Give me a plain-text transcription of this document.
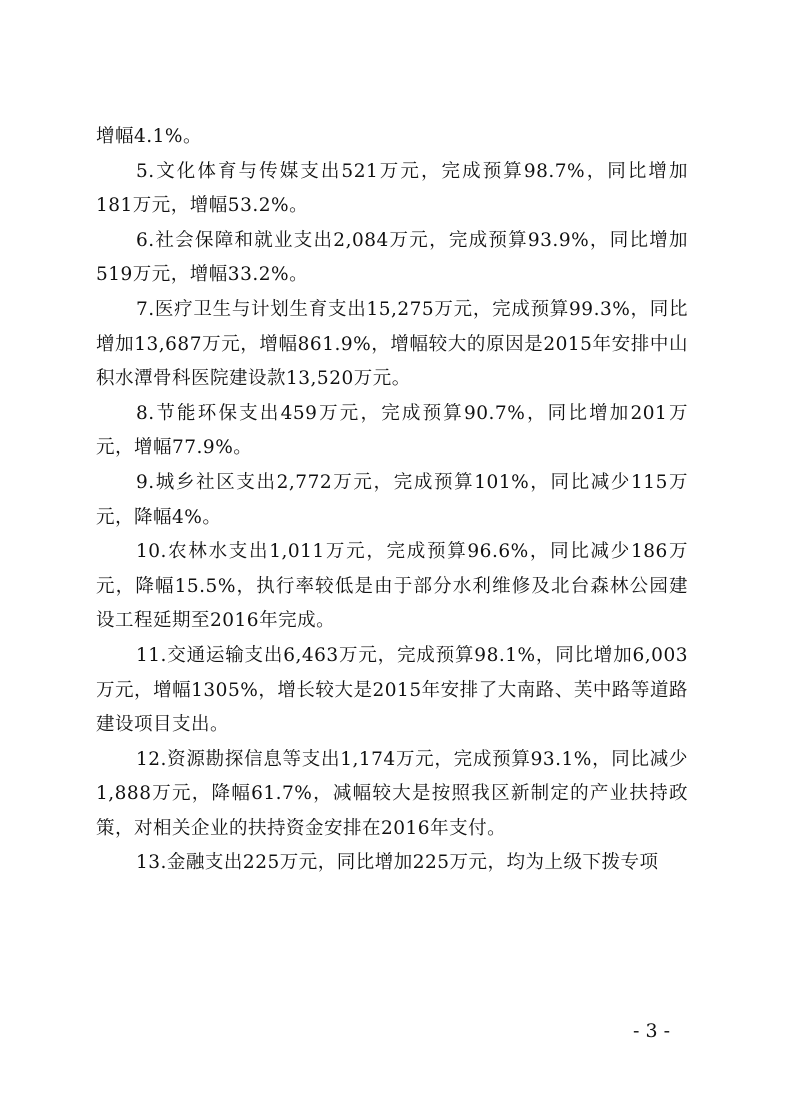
增幅4.1%。

5.文化体育与传媒支出521万元，完成预算98.7%，同比增加181万元，增幅53.2%。

6.社会保障和就业支出2,084万元，完成预算93.9%，同比增加519万元，增幅33.2%。

7.医疗卫生与计划生育支出15,275万元，完成预算99.3%，同比增加13,687万元，增幅861.9%，增幅较大的原因是2015年安排中山积水潭骨科医院建设款13,520万元。

8.节能环保支出459万元，完成预算90.7%，同比增加201万元，增幅77.9%。

9.城乡社区支出2,772万元，完成预算101%，同比减少115万元，降幅4%。

10.农林水支出1,011万元，完成预算96.6%，同比减少186万元，降幅15.5%，执行率较低是由于部分水利维修及北台森林公园建设工程延期至2016年完成。

11.交通运输支出6,463万元，完成预算98.1%，同比增加6,003万元，增幅1305%，增长较大是2015年安排了大南路、芙中路等道路建设项目支出。

12.资源勘探信息等支出1,174万元，完成预算93.1%，同比减少1,888万元，降幅61.7%，减幅较大是按照我区新制定的产业扶持政策，对相关企业的扶持资金安排在2016年支付。

13.金融支出225万元，同比增加225万元，均为上级下拨专项

- 3 -
